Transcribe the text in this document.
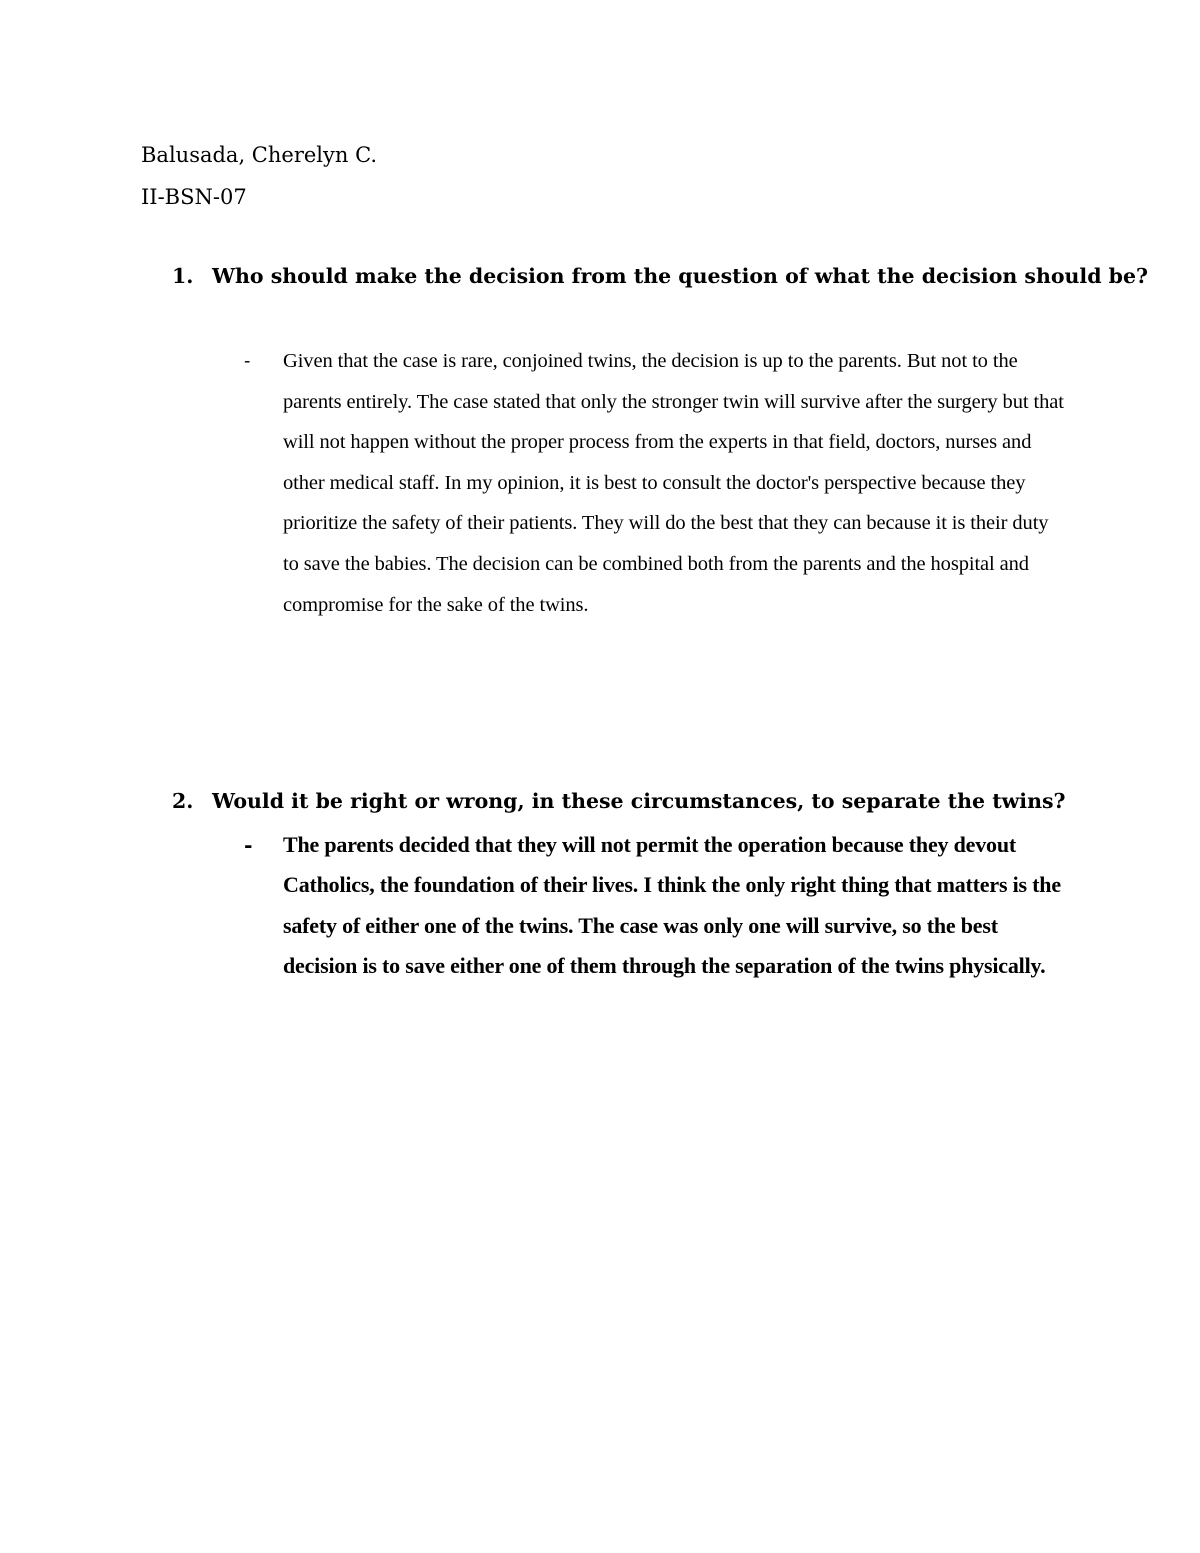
Balusada, Cherelyn C.
II-BSN-07
1. Who should make the decision from the question of what the decision should be?
- Given that the case is rare, conjoined twins, the decision is up to the parents. But not to the parents entirely. The case stated that only the stronger twin will survive after the surgery but that will not happen without the proper process from the experts in that field, doctors, nurses and other medical staff. In my opinion, it is best to consult the doctor's perspective because they prioritize the safety of their patients. They will do the best that they can because it is their duty to save the babies. The decision can be combined both from the parents and the hospital and compromise for the sake of the twins.

2. Would it be right or wrong, in these circumstances, to separate the twins?
- The parents decided that they will not permit the operation because they devout Catholics, the foundation of their lives. I think the only right thing that matters is the safety of either one of the twins. The case was only one will survive, so the best decision is to save either one of them through the separation of the twins physically.
